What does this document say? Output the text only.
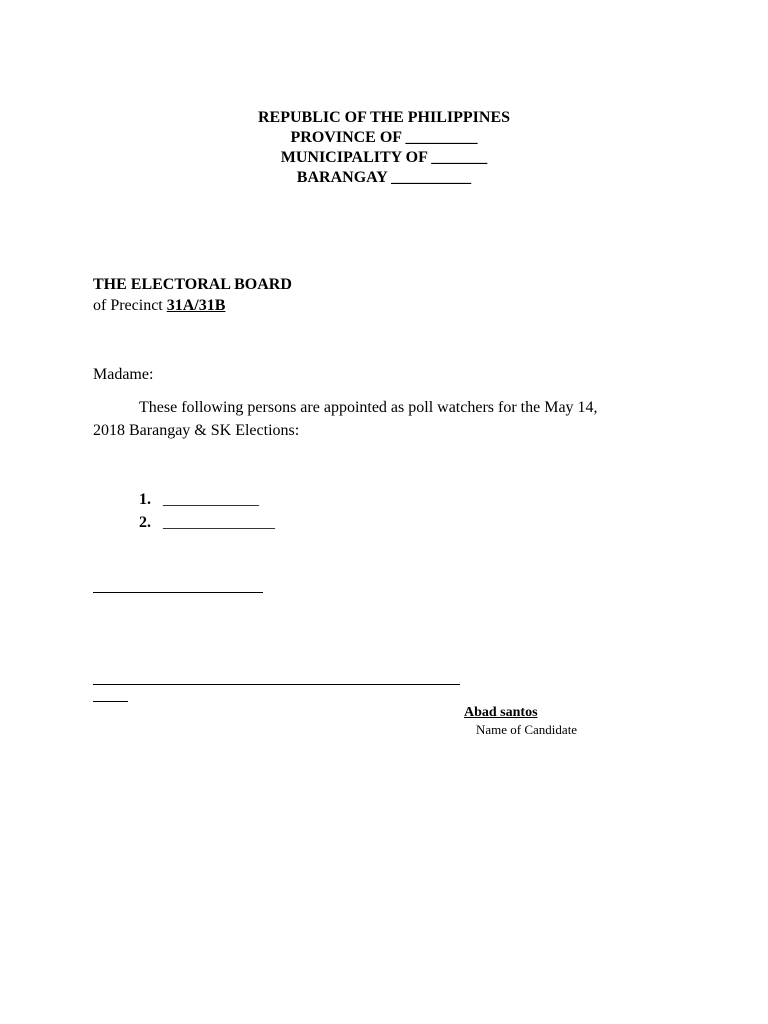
REPUBLIC OF THE PHILIPPINES
PROVINCE OF _________
MUNICIPALITY OF _______
BARANGAY __________
THE ELECTORAL BOARD
of Precinct 31A/31B
Madame:
These following persons are appointed as poll watchers for the May 14,
2018 Barangay & SK Elections:
1. ____________
2. ______________
Abad santos
Name of Candidate
